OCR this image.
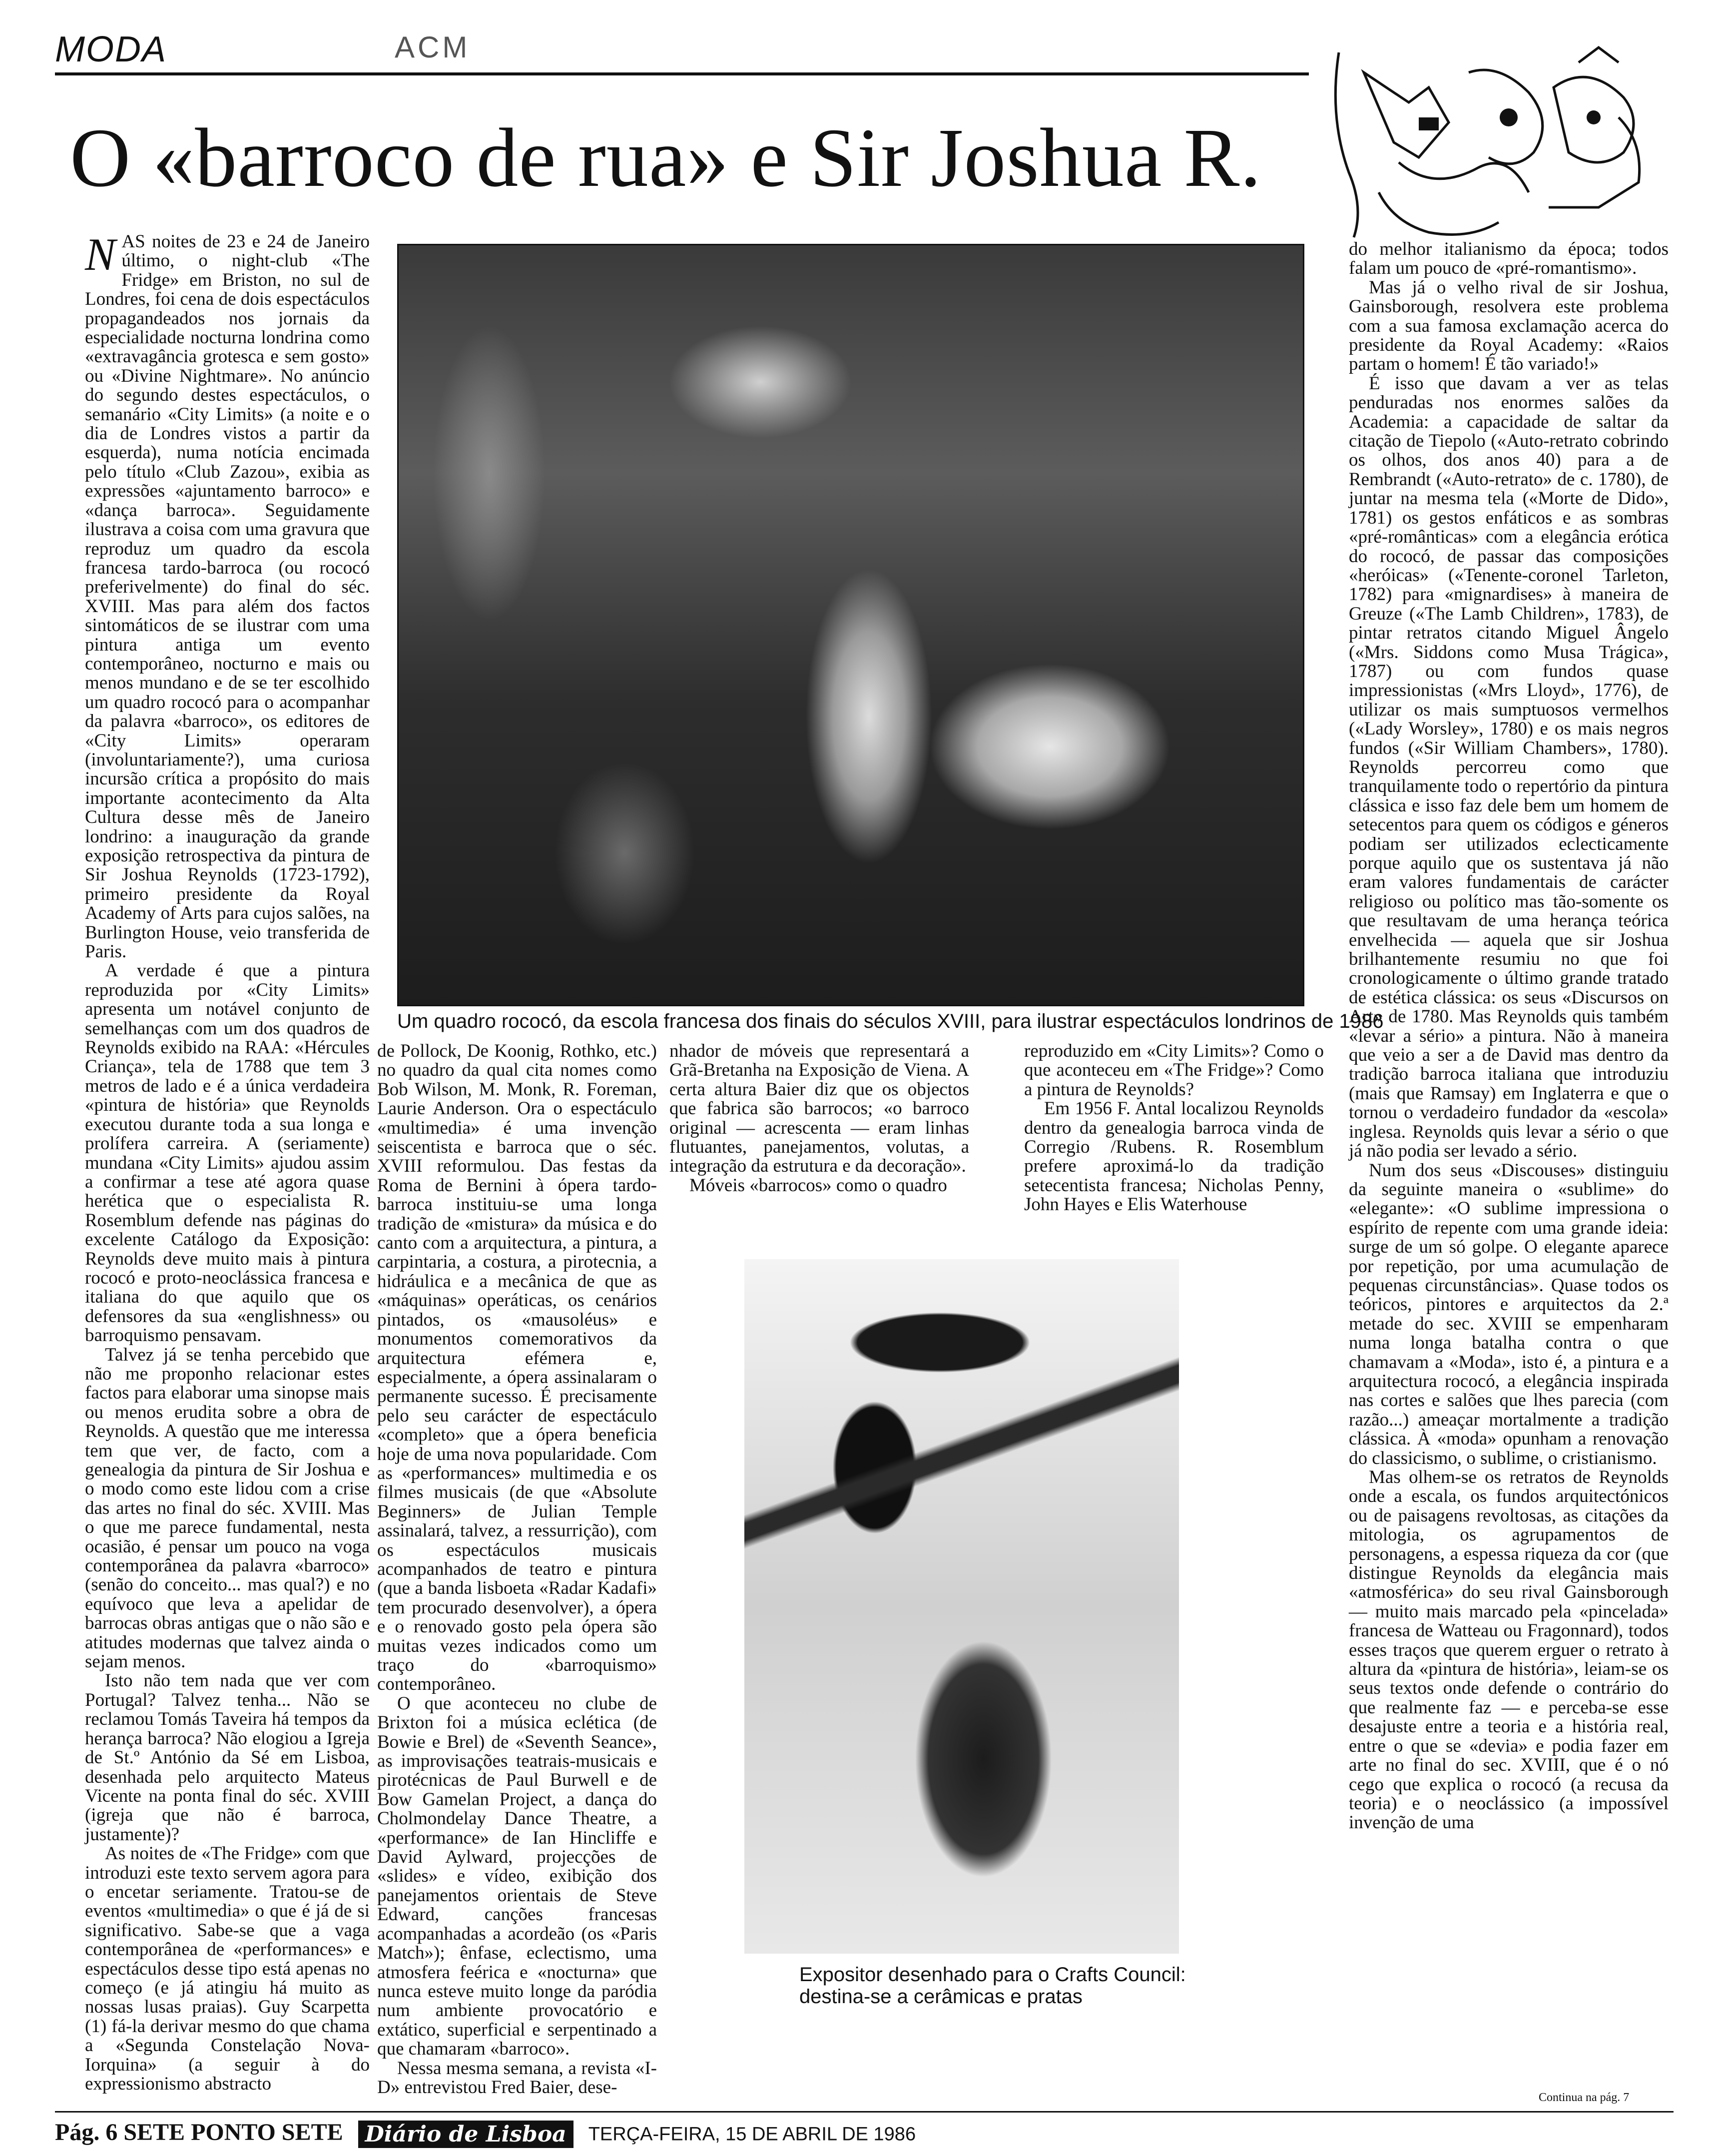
MODA	ACM
O «barroco de rua» e Sir Joshua R.
Um quadro rococó, da escola francesa dos finais do séculos XVIII, para ilustrar espectáculos londrinos de 1986

NAS noites de 23 e 24 de Janeiro último, o night-club «The Fridge» em Briston, no sul de Londres, foi cena de dois espectáculos propagandeados nos jornais da especialidade nocturna londrina como «extravagância grotesca e sem gosto» ou «Divine Nightmare». No anúncio do segundo destes espectáculos, o semanário «City Limits» (a noite e o dia de Londres vistos a partir da esquerda), numa notícia encimada pelo título «Club Zazou», exibia as expressões «ajuntamento barroco» e «dança barroca». Seguidamente ilustrava a coisa com uma gravura que reproduz um quadro da escola francesa tardo-barroca (ou rococó preferivelmente) do final do séc. XVIII. Mas para além dos factos sintomáticos de se ilustrar com uma pintura antiga um evento contemporâneo, nocturno e mais ou menos mundano e de se ter escolhido um quadro rococó para o acompanhar da palavra «barroco», os editores de «City Limits» operaram (involuntariamente?), uma curiosa incursão crítica a propósito do mais importante acontecimento da Alta Cultura desse mês de Janeiro londrino: a inauguração da grande exposição retrospectiva da pintura de Sir Joshua Reynolds (1723-1792), primeiro presidente da Royal Academy of Arts para cujos salões, na Burlington House, veio transferida de Paris.

A verdade é que a pintura reproduzida por «City Limits» apresenta um notável conjunto de semelhanças com um dos quadros de Reynolds exibido na RAA: «Hércules Criança», tela de 1788 que tem 3 metros de lado e é a única verdadeira «pintura de história» que Reynolds executou durante toda a sua longa e prolífera carreira. A (seriamente) mundana «City Limits» ajudou assim a confirmar a tese até agora quase herética que o especialista R. Rosemblum defende nas páginas do excelente Catálogo da Exposição: Reynolds deve muito mais à pintura rococó e proto-neoclássica francesa e italiana do que aquilo que os defensores da sua «englishness» ou barroquismo pensavam.

Talvez já se tenha percebido que não me proponho relacionar estes factos para elaborar uma sinopse mais ou menos erudita sobre a obra de Reynolds. A questão que me interessa tem que ver, de facto, com a genealogia da pintura de Sir Joshua e o modo como este lidou com a crise das artes no final do séc. XVIII. Mas o que me parece fundamental, nesta ocasião, é pensar um pouco na voga contemporânea da palavra «barroco» (senão do conceito... mas qual?) e no equívoco que leva a apelidar de barrocas obras antigas que o não são e atitudes modernas que talvez ainda o sejam menos.

Isto não tem nada que ver com Portugal? Talvez tenha... Não se reclamou Tomás Taveira há tempos da herança barroca? Não elogiou a Igreja de St.º António da Sé em Lisboa, desenhada pelo arquitecto Mateus Vicente na ponta final do séc. XVIII (igreja que não é barroca, justamente)?

As noites de «The Fridge» com que introduzi este texto servem agora para o encetar seriamente. Tratou-se de eventos «multimedia» o que é já de si significativo. Sabe-se que a vaga contemporânea de «performances» e espectáculos desse tipo está apenas no começo (e já atingiu há muito as nossas lusas praias). Guy Scarpetta (1) fá-la derivar mesmo do que chama a «Segunda Constelação Nova-Iorquina» (a seguir à do expressionismo abstracto

de Pollock, De Koonig, Rothko, etc.) no quadro da qual cita nomes como Bob Wilson, M. Monk, R. Foreman, Laurie Anderson. Ora o espectáculo «multimedia» é uma invenção seiscentista e barroca que o séc. XVIII reformulou. Das festas da Roma de Bernini à ópera tardo-barroca instituiu-se uma longa tradição de «mistura» da música e do canto com a arquitectura, a pintura, a carpintaria, a costura, a pirotecnia, a hidráulica e a mecânica de que as «máquinas» operáticas, os cenários pintados, os «mausoléus» e monumentos comemorativos da arquitectura efémera e, especialmente, a ópera assinalaram o permanente sucesso. É precisamente pelo seu carácter de espectáculo «completo» que a ópera beneficia hoje de uma nova popularidade. Com as «performances» multimedia e os filmes musicais (de que «Absolute Beginners» de Julian Temple assinalará, talvez, a ressurrição), com os espectáculos musicais acompanhados de teatro e pintura (que a banda lisboeta «Radar Kadafi» tem procurado desenvolver), a ópera e o renovado gosto pela ópera são muitas vezes indicados como um traço do «barroquismo» contemporâneo.

O que aconteceu no clube de Brixton foi a música eclética (de Bowie e Brel) de «Seventh Seance», as improvisações teatrais-musicais e pirotécnicas de Paul Burwell e de Bow Gamelan Project, a dança do Cholmondelay Dance Theatre, a «performance» de Ian Hincliffe e David Aylward, projecções de «slides» e vídeo, exibição dos panejamentos orientais de Steve Edward, canções francesas acompanhadas a acordeão (os «Paris Match»); ênfase, eclectismo, uma atmosfera feérica e «nocturna» que nunca esteve muito longe da paródia num ambiente provocatório e extático, superficial e serpentinado a que chamaram «barroco».

Nessa mesma semana, a revista «I-D» entrevistou Fred Baier, dese-

nhador de móveis que representará a Grã-Bretanha na Exposição de Viena. A certa altura Baier diz que os objectos que fabrica são barrocos; «o barroco original — acrescenta — eram linhas flutuantes, panejamentos, volutas, a integração da estrutura e da decoração».

Móveis «barrocos» como o quadro

reproduzido em «City Limits»? Como o que aconteceu em «The Fridge»? Como a pintura de Reynolds?

Em 1956 F. Antal localizou Reynolds dentro da genealogia barroca vinda de Corregio /Rubens. R. Rosemblum prefere aproximá-lo da tradição setecentista francesa; Nicholas Penny, John Hayes e Elis Waterhouse

Expositor desenhado para o Crafts Council:
destina-se a cerâmicas e pratas

do melhor italianismo da época; todos falam um pouco de «pré-romantismo».

Mas já o velho rival de sir Joshua, Gainsborough, resolvera este problema com a sua famosa exclamação acerca do presidente da Royal Academy: «Raios partam o homem! É tão variado!»

É isso que davam a ver as telas penduradas nos enormes salões da Academia: a capacidade de saltar da citação de Tiepolo («Auto-retrato cobrindo os olhos, dos anos 40) para a de Rembrandt («Auto-retrato» de c. 1780), de juntar na mesma tela («Morte de Dido», 1781) os gestos enfáticos e as sombras «pré-românticas» com a elegância erótica do rococó, de passar das composições «heróicas» («Tenente-coronel Tarleton, 1782) para «mignardises» à maneira de Greuze («The Lamb Children», 1783), de pintar retratos citando Miguel Ângelo («Mrs. Siddons como Musa Trágica», 1787) ou com fundos quase impressionistas («Mrs Lloyd», 1776), de utilizar os mais sumptuosos vermelhos («Lady Worsley», 1780) e os mais negros fundos («Sir William Chambers», 1780). Reynolds percorreu como que tranquilamente todo o repertório da pintura clássica e isso faz dele bem um homem de setecentos para quem os códigos e géneros podiam ser utilizados eclecticamente porque aquilo que os sustentava já não eram valores fundamentais de carácter religioso ou político mas tão-somente os que resultavam de uma herança teórica envelhecida — aquela que sir Joshua brilhantemente resumiu no que foi cronologicamente o último grande tratado de estética clássica: os seus «Discursos on Art» de 1780. Mas Reynolds quis também «levar a sério» a pintura. Não à maneira que veio a ser a de David mas dentro da tradição barroca italiana que introduziu (mais que Ramsay) em Inglaterra e que o tornou o verdadeiro fundador da «escola» inglesa. Reynolds quis levar a sério o que já não podia ser levado a sério.

Num dos seus «Discouses» distinguiu da seguinte maneira o «sublime» do «elegante»: «O sublime impressiona o espírito de repente com uma grande ideia: surge de um só golpe. O elegante aparece por repetição, por uma acumulação de pequenas circunstâncias». Quase todos os teóricos, pintores e arquitectos da 2.ª metade do sec. XVIII se empenharam numa longa batalha contra o que chamavam a «Moda», isto é, a pintura e a arquitectura rococó, a elegância inspirada nas cortes e salões que lhes parecia (com razão...) ameaçar mortalmente a tradição clássica. À «moda» opunham a renovação do classicismo, o sublime, o cristianismo.

Mas olhem-se os retratos de Reynolds onde a escala, os fundos arquitectónicos ou de paisagens revoltosas, as citações da mitologia, os agrupamentos de personagens, a espessa riqueza da cor (que distingue Reynolds da elegância mais «atmosférica» do seu rival Gainsborough — muito mais marcado pela «pincelada» francesa de Watteau ou Fragonnard), todos esses traços que querem erguer o retrato à altura da «pintura de história», leiam-se os seus textos onde defende o contrário do que realmente faz — e perceba-se esse desajuste entre a teoria e a história real, entre o que se «devia» e podia fazer em arte no final do sec. XVIII, que é o nó cego que explica o rococó (a recusa da teoria) e o neoclássico (a impossível invenção de uma

Continua na pág. 7
Pág. 6 SETE PONTO SETE Diário de Lisboa TERÇA-FEIRA, 15 DE ABRIL DE 1986
